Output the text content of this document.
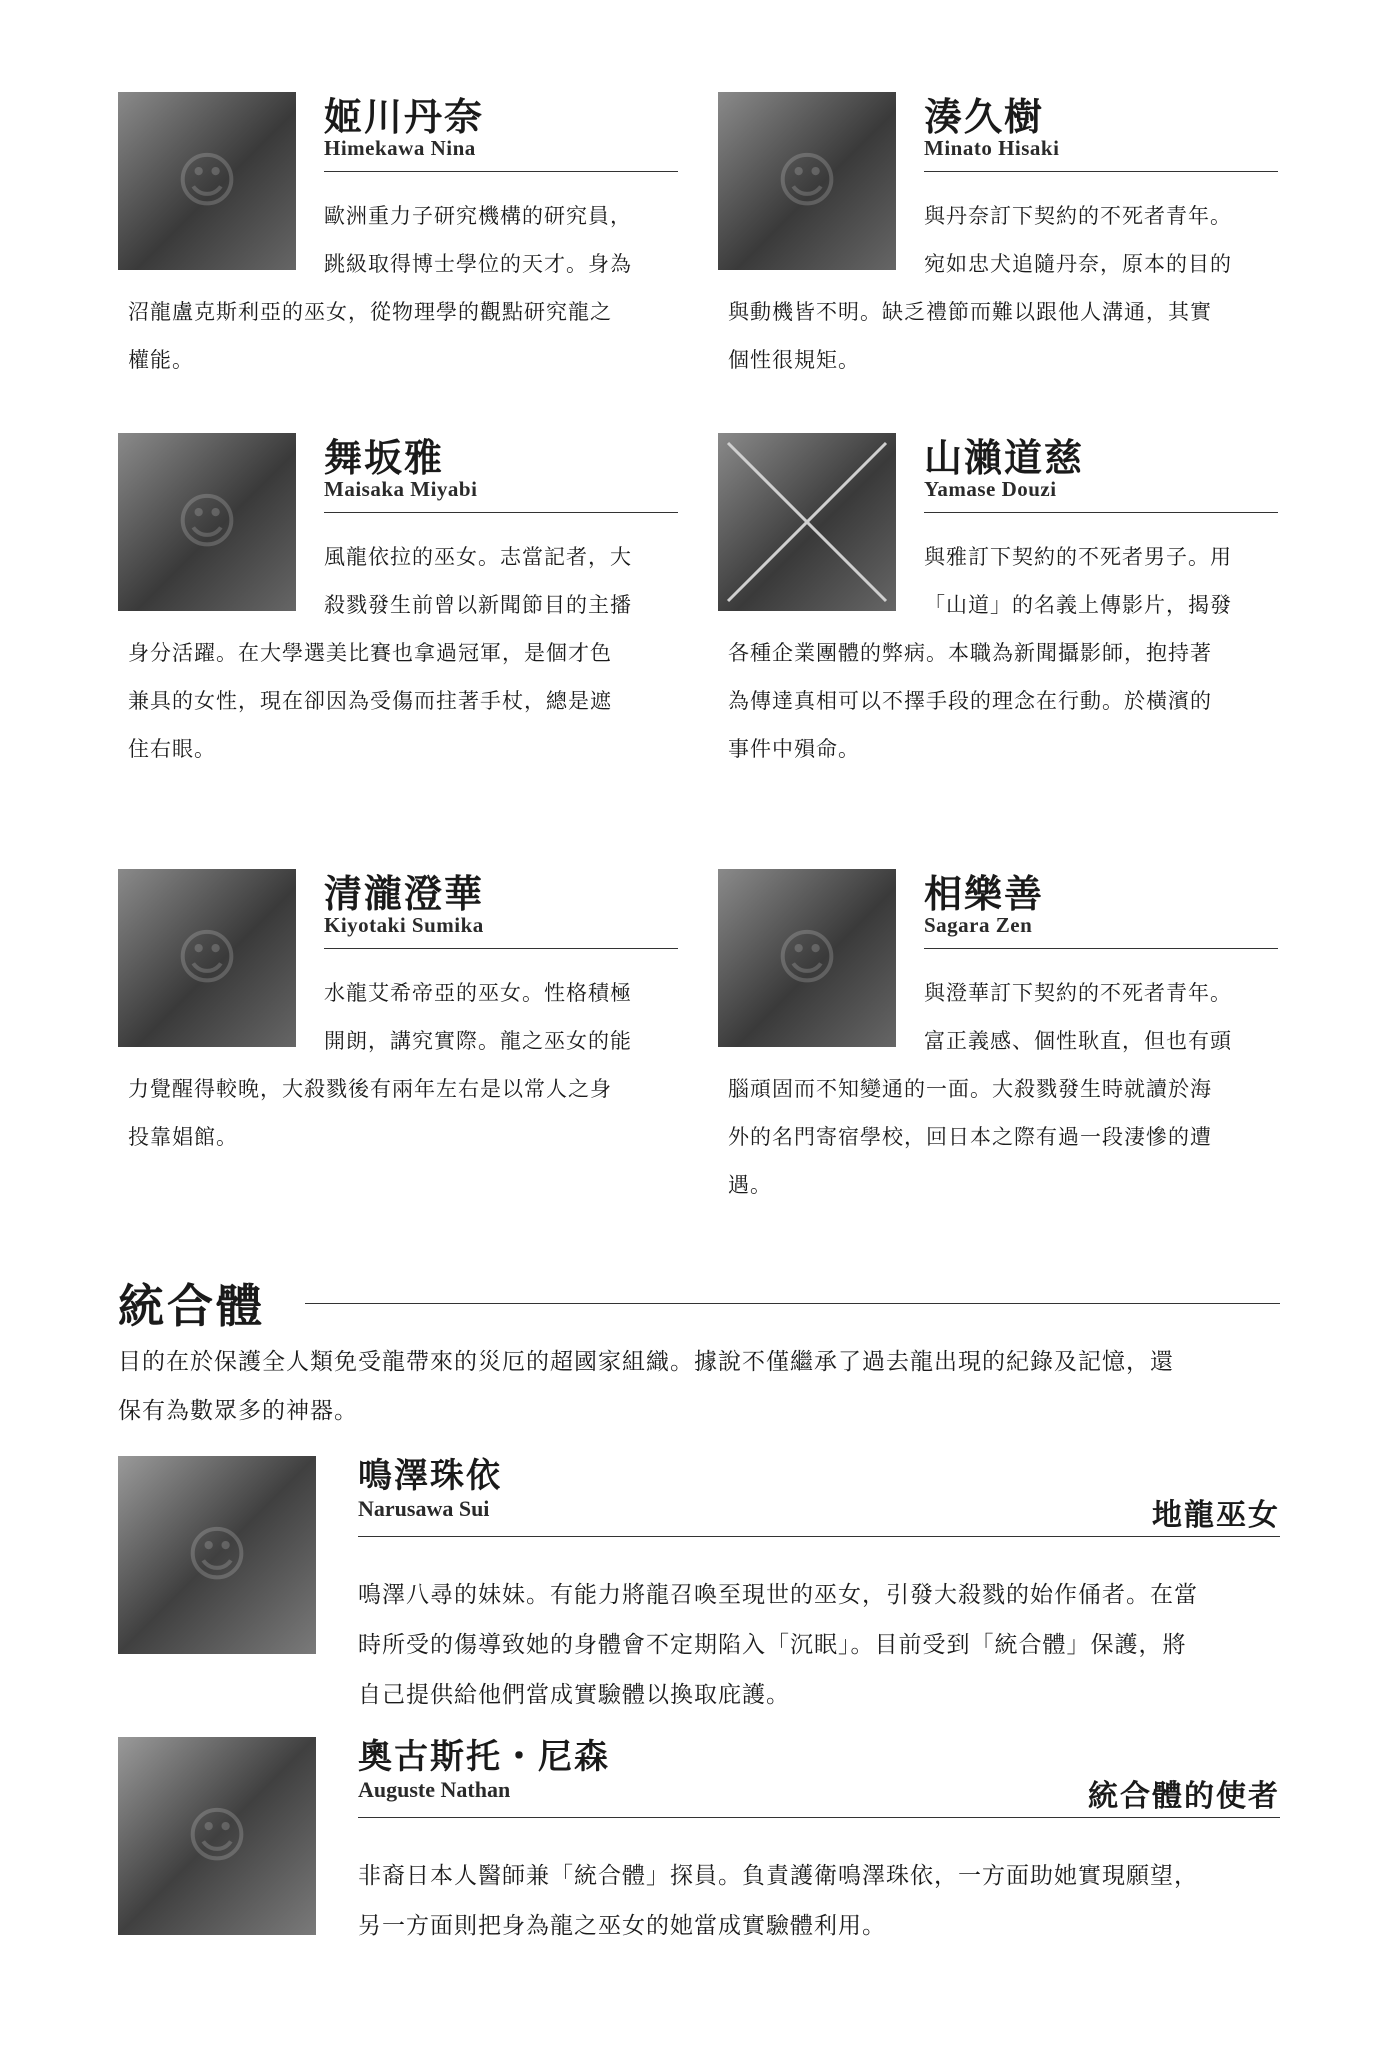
☺
姬川丹奈
Himekawa Nina
歐洲重力子研究機構的研究員，
跳級取得博士學位的天才。身為
沼龍盧克斯利亞的巫女，從物理學的觀點研究龍之
權能。
☺
湊久樹
Minato Hisaki
與丹奈訂下契約的不死者青年。
宛如忠犬追隨丹奈，原本的目的
與動機皆不明。缺乏禮節而難以跟他人溝通，其實
個性很規矩。
☺
舞坂雅
Maisaka Miyabi
風龍依拉的巫女。志當記者，大
殺戮發生前曾以新聞節目的主播
身分活躍。在大學選美比賽也拿過冠軍，是個才色
兼具的女性，現在卻因為受傷而拄著手杖，總是遮
住右眼。
山瀨道慈
Yamase Douzi
與雅訂下契約的不死者男子。用
「山道」的名義上傳影片，揭發
各種企業團體的弊病。本職為新聞攝影師，抱持著
為傳達真相可以不擇手段的理念在行動。於橫濱的
事件中殞命。
☺
清瀧澄華
Kiyotaki Sumika
水龍艾希帝亞的巫女。性格積極
開朗，講究實際。龍之巫女的能
力覺醒得較晚，大殺戮後有兩年左右是以常人之身
投靠娼館。
☺
相樂善
Sagara Zen
與澄華訂下契約的不死者青年。
富正義感、個性耿直，但也有頭
腦頑固而不知變通的一面。大殺戮發生時就讀於海
外的名門寄宿學校，回日本之際有過一段淒慘的遭
遇。
統合體
目的在於保護全人類免受龍帶來的災厄的超國家組織。據說不僅繼承了過去龍出現的紀錄及記憶，還
保有為數眾多的神器。
☺
鳴澤珠依
Narusawa Sui	地龍巫女
鳴澤八尋的妹妹。有能力將龍召喚至現世的巫女，引發大殺戮的始作俑者。在當
時所受的傷導致她的身體會不定期陷入「沉眠」。目前受到「統合體」保護，將
自己提供給他們當成實驗體以換取庇護。
☺
奧古斯托・尼森
Auguste Nathan	統合體的使者
非裔日本人醫師兼「統合體」探員。負責護衛鳴澤珠依，一方面助她實現願望，
另一方面則把身為龍之巫女的她當成實驗體利用。
